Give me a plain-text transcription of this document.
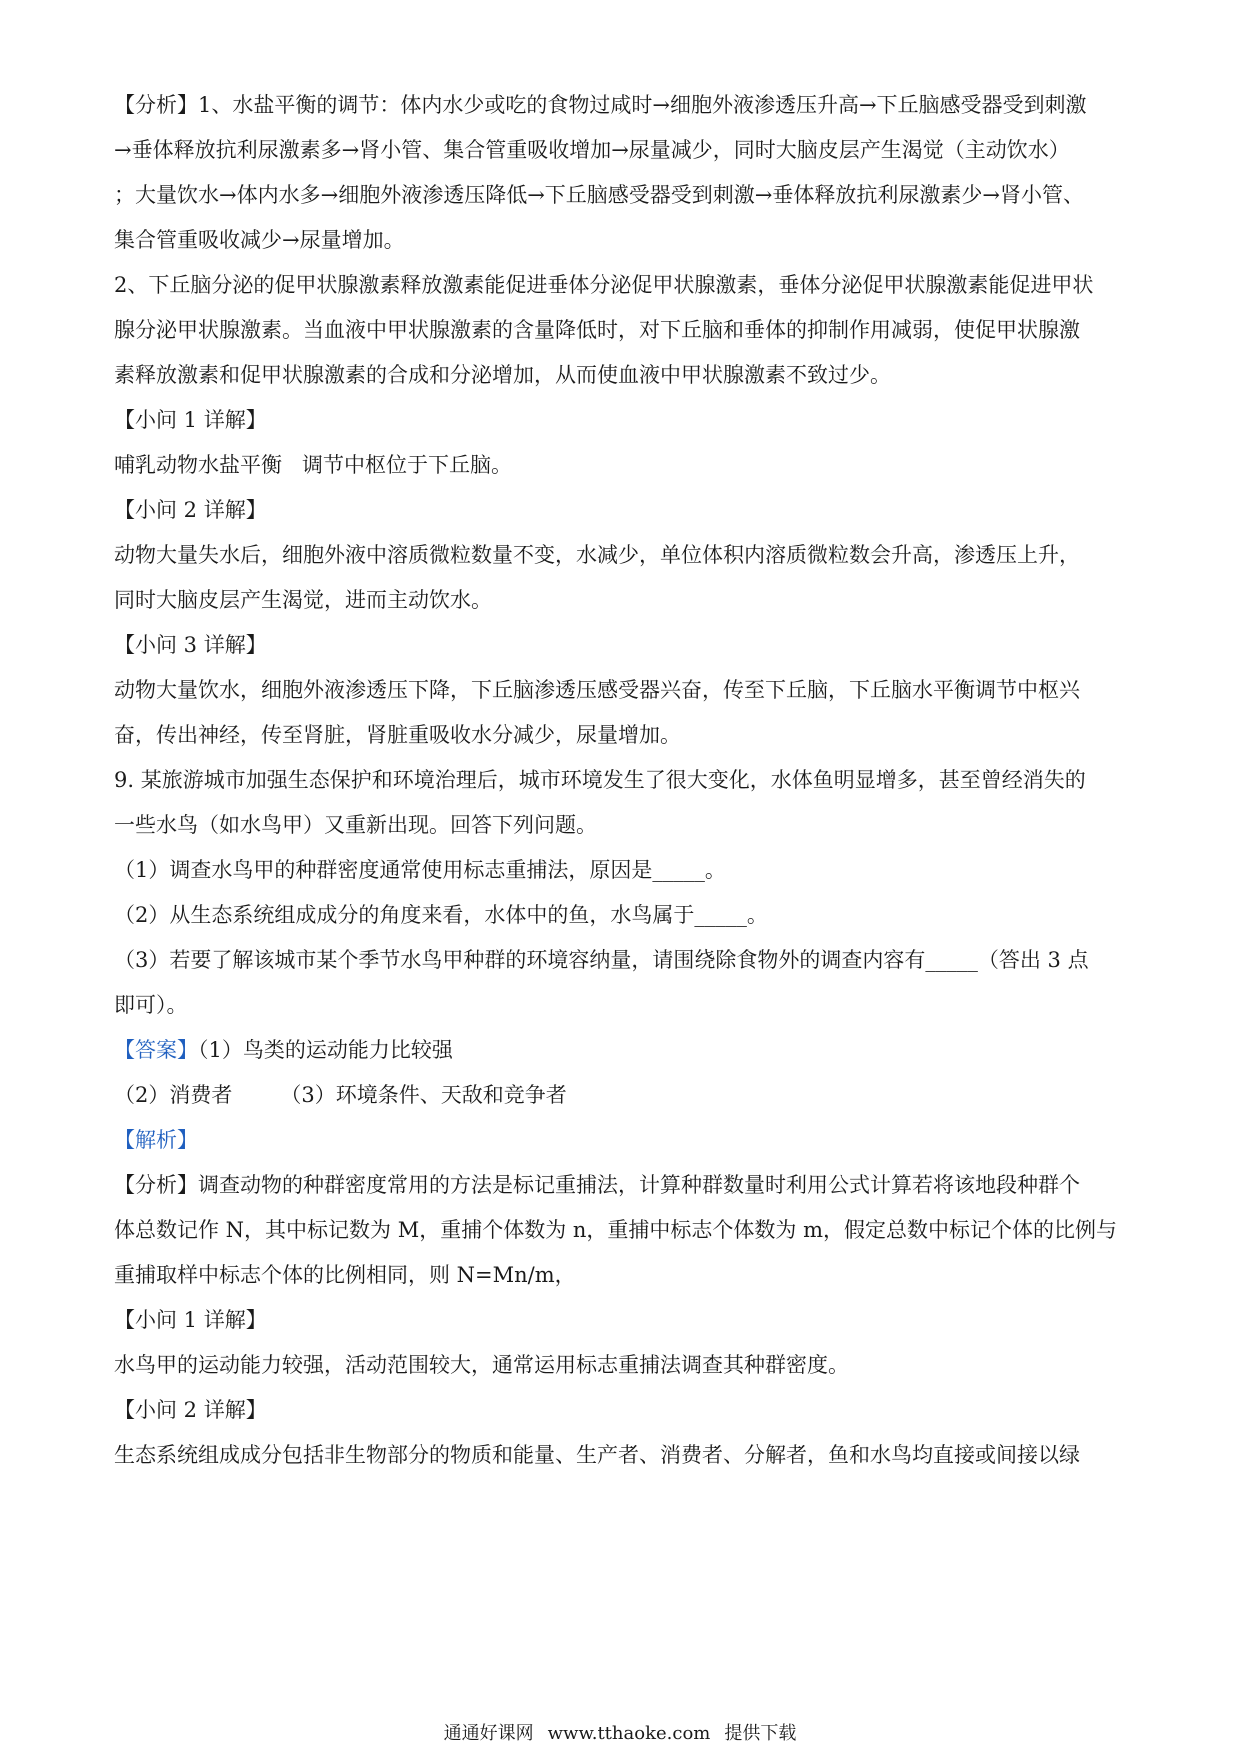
【分析】1、水盐平衡的调节：体内水少或吃的食物过咸时→细胞外液渗透压升高→下丘脑感受器受到刺激
→垂体释放抗利尿激素多→肾小管、集合管重吸收增加→尿量减少，同时大脑皮层产生渴觉（主动饮水）
；大量饮水→体内水多→细胞外液渗透压降低→下丘脑感受器受到刺激→垂体释放抗利尿激素少→肾小管、
集合管重吸收减少→尿量增加。
2、下丘脑分泌的促甲状腺激素释放激素能促进垂体分泌促甲状腺激素，垂体分泌促甲状腺激素能促进甲状
腺分泌甲状腺激素。当血液中甲状腺激素的含量降低时，对下丘脑和垂体的抑制作用减弱，使促甲状腺激
素释放激素和促甲状腺激素的合成和分泌增加，从而使血液中甲状腺激素不致过少。
【小问 1 详解】
哺乳动物水盐平衡 调节中枢位于下丘脑。
【小问 2 详解】
动物大量失水后，细胞外液中溶质微粒数量不变，水减少，单位体积内溶质微粒数会升高，渗透压上升，
同时大脑皮层产生渴觉，进而主动饮水。
【小问 3 详解】
动物大量饮水，细胞外液渗透压下降，下丘脑渗透压感受器兴奋，传至下丘脑，下丘脑水平衡调节中枢兴
奋，传出神经，传至肾脏，肾脏重吸收水分减少，尿量增加。
9. 某旅游城市加强生态保护和环境治理后，城市环境发生了很大变化，水体鱼明显增多，甚至曾经消失的
一些水鸟（如水鸟甲）又重新出现。回答下列问题。
（1）调查水鸟甲的种群密度通常使用标志重捕法，原因是_____。
（2）从生态系统组成成分的角度来看，水体中的鱼，水鸟属于_____。
（3）若要了解该城市某个季节水鸟甲种群的环境容纳量，请围绕除食物外的调查内容有_____（答出 3 点
即可）。
【答案】（1）鸟类的运动能力比较强
（2）消费者 （3）环境条件、天敌和竞争者
【解析】
【分析】调查动物的种群密度常用的方法是标记重捕法，计算种群数量时利用公式计算若将该地段种群个
体总数记作 N，其中标记数为 M，重捕个体数为 n，重捕中标志个体数为 m，假定总数中标记个体的比例与
重捕取样中标志个体的比例相同，则 N=Mn/m，
【小问 1 详解】
水鸟甲的运动能力较强，活动范围较大，通常运用标志重捕法调查其种群密度。
【小问 2 详解】
生态系统组成成分包括非生物部分的物质和能量、生产者、消费者、分解者，鱼和水鸟均直接或间接以绿
通通好课网 www.tthaoke.com 提供下载
